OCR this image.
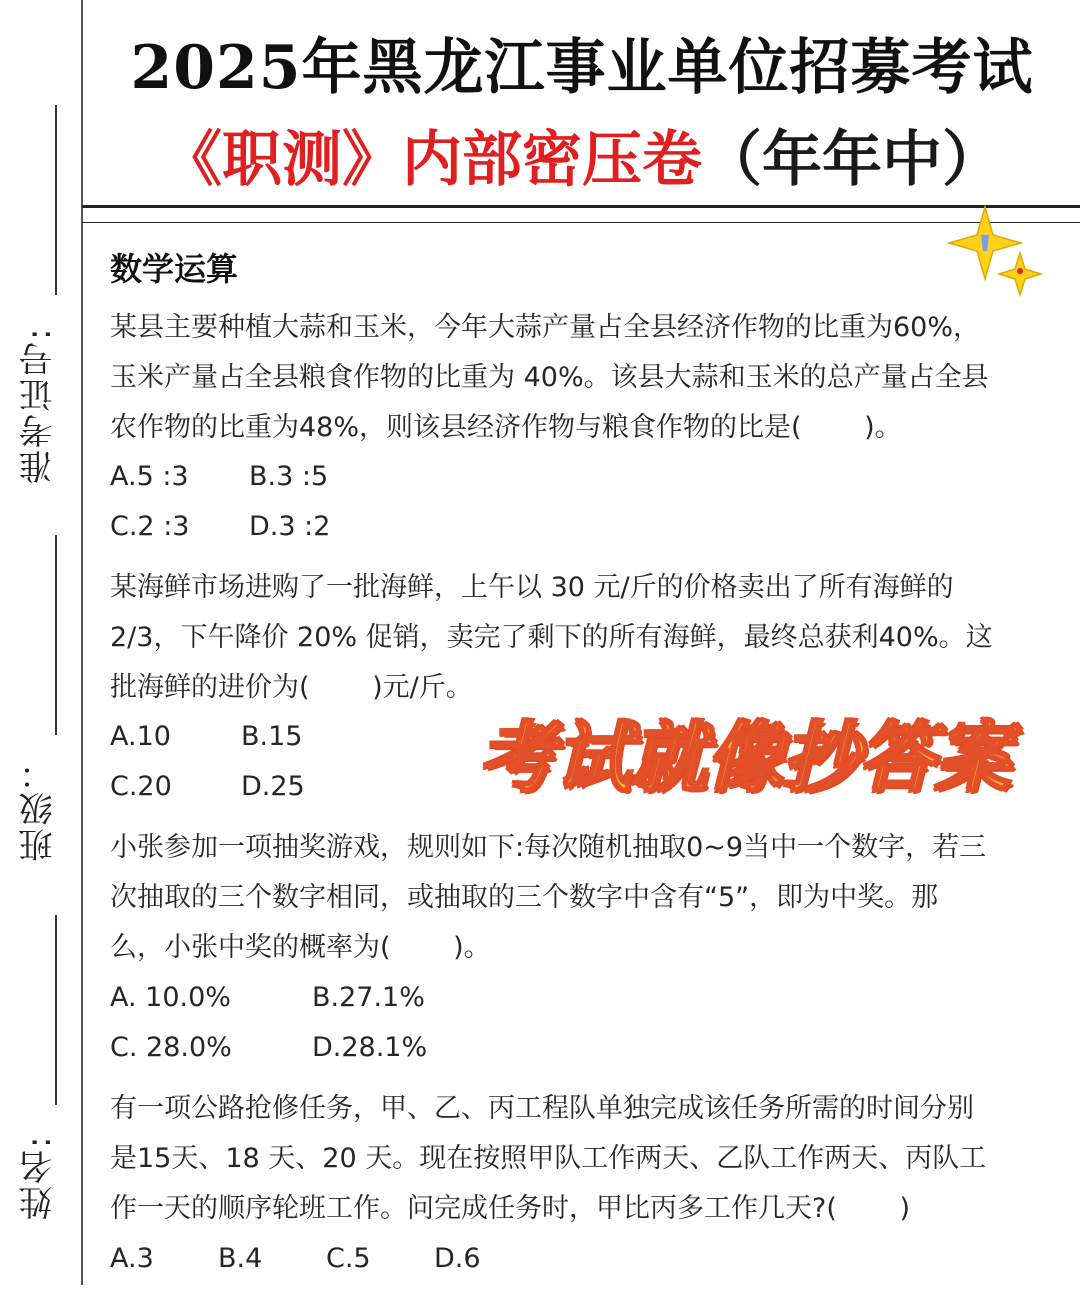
准考证号:
班级：
姓名:
2025年黑龙江事业单位招募考试
《职测》内部密压卷（年年中）
数学运算

某县主要种植大蒜和玉米，今年大蒜产量占全县经济作物的比重为60%，

玉米产量占全县粮食作物的比重为 40%。该县大蒜和玉米的总产量占全县

农作物的比重为48%，则该县经济作物与粮食作物的比是(　　 )。

A.5 :3 B.3 :5
C.2 :3 D.3 :2

某海鲜市场进购了一批海鲜，上午以 30 元/斤的价格卖出了所有海鲜的

2/3，下午降价 20% 促销，卖完了剩下的所有海鲜，最终总获利40%。这

批海鲜的进价为(　　 )元/斤。

A.10	B.15
C.20	D.25	考试就像抄答案

小张参加一项抽奖游戏，规则如下:每次随机抽取0~9当中一个数字，若三

次抽取的三个数字相同，或抽取的三个数字中含有“5”，即为中奖。那

么，小张中奖的概率为(　　 )。

A. 10.0%	B.27.1%
C. 28.0%	D.28.1%

有一项公路抢修任务，甲、乙、丙工程队单独完成该任务所需的时间分别

是15天、18 天、20 天。现在按照甲队工作两天、乙队工作两天、丙队工

作一天的顺序轮班工作。问完成任务时，甲比丙多工作几天?(　　 )

A.3 B.4 C.5 D.6
